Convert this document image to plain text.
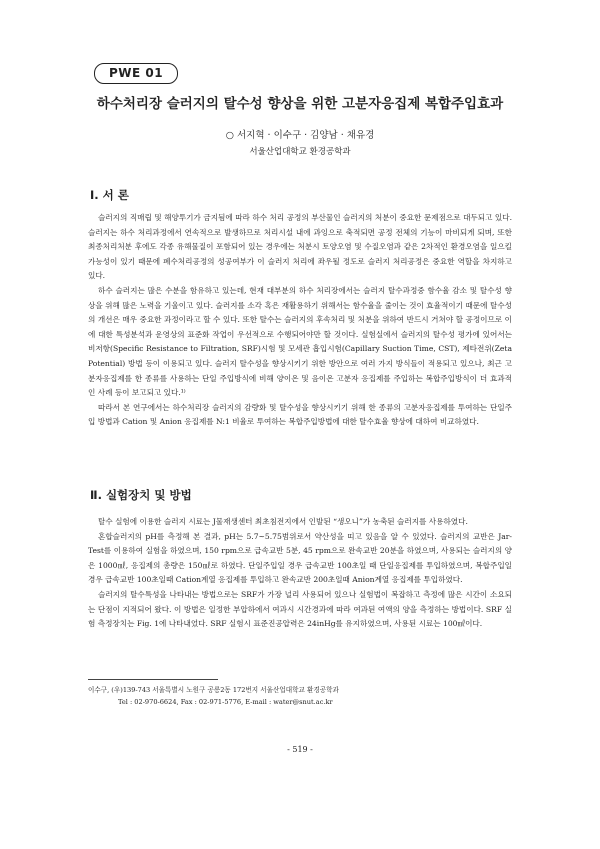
PWE 01
하수처리장 슬러지의 탈수성 향상을 위한 고분자응집제 복합주입효과
○ 서지혁 · 이수구 · 김양남 · 채유경
서울산업대학교 환경공학과
Ⅰ. 서 론

슬러지의 직매립 및 해양투기가 금지됨에 따라 하수 처리 공정의 부산물인 슬러지의 처분이 중요한 문제점으로 대두되고 있다. 슬러지는 하수 처리과정에서 연속적으로 발생하므로 처리시설 내에 과잉으로 축적되면 공정 전체의 기능이 마비되게 되며, 또한 최종처리처분 후에도 각종 유해물질이 포함되어 있는 경우에는 처분시 토양오염 및 수질오염과 같은 2차적인 환경오염을 일으킬 가능성이 있기 때문에 폐수처리공정의 성공여부가 이 슬러지 처리에 좌우될 정도로 슬러지 처리공정은 중요한 역할을 차지하고 있다.

하수 슬러지는 많은 수분을 함유하고 있는데, 현재 대부분의 하수 처리장에서는 슬러지 탈수과정중 함수율 감소 및 탈수성 향상을 위해 많은 노력을 기울이고 있다. 슬러지를 소각 혹은 재활용하기 위해서는 함수율을 줄이는 것이 효율적이기 때문에 탈수성의 개선은 매우 중요한 과정이라고 할 수 있다. 또한 탈수는 슬러지의 후속처리 및 처분을 위하여 반드시 거쳐야 할 공정이므로 이에 대한 특성분석과 운영상의 표준화 작업이 우선적으로 수행되어야만 할 것이다. 실험실에서 슬러지의 탈수성 평가에 있어서는 비저항(Specific Resistance to Filtration, SRF)시험 및 모세관 흡입시험(Capillary Suction Time, CST), 제타전위(Zeta Potential) 방법 등이 이용되고 있다. 슬러지 탈수성을 향상시키기 위한 방안으로 여러 가지 방식들이 적용되고 있으나, 최근 고분자응집제를 한 종류를 사용하는 단일 주입방식에 비해 양이온 및 음이온 고분자 응집제를 주입하는 복합주입방식이 더 효과적인 사례 등이 보고되고 있다.¹⁾

따라서 본 연구에서는 하수처리장 슬러지의 감량화 및 탈수성을 향상시키기 위해 한 종류의 고분자응집제를 투여하는 단일주입 방법과 Cation 및 Anion 응집제를 N:1 비율로 투여하는 복합주입방법에 대한 탈수효율 향상에 대하여 비교하였다.

Ⅱ. 실험장치 및 방법

탈수 실험에 이용한 슬러지 시료는 J물재생센터 최초침전지에서 인발된 “생오니”가 농축된 슬러지를 사용하였다.

혼합슬러지의 pH를 측정해 본 결과, pH는 5.7~5.75범위로서 약산성을 띠고 있음을 알 수 있었다. 슬러지의 교반은 Jar-Test를 이용하여 실험을 하였으며, 150 rpm으로 급속교반 5분, 45 rpm으로 완속교반 20분을 하였으며, 사용되는 슬러지의 양은 1000㎖, 응집제의 총량은 150㎖로 하였다. 단일주입일 경우 급속교반 100초일 때 단일응집제를 투입하였으며, 복합주입일 경우 급속교반 100초일때 Cation계열 응집제를 투입하고 완속교반 200초일때 Anion계열 응집제를 투입하였다.

슬러지의 탈수특성을 나타내는 방법으로는 SRF가 가장 널리 사용되어 있으나 실험법이 복잡하고 측정에 많은 시간이 소요되는 단점이 지적되어 왔다. 이 방법은 일정한 부압하에서 여과시 시간경과에 따라 여과된 여액의 양을 측정하는 방법이다. SRF 실험 측정장치는 Fig. 1에 나타내었다. SRF 실험시 표준진공압력은 24inHg를 유지하였으며, 사용된 시료는 100㎖이다.

이수구, (우)139-743 서울특별시 노원구 공릉2동 172번지 서울산업대학교 환경공학과
Tel : 02-970-6624, Fax : 02-971-5776, E-mail : water@snut.ac.kr
- 519 -
